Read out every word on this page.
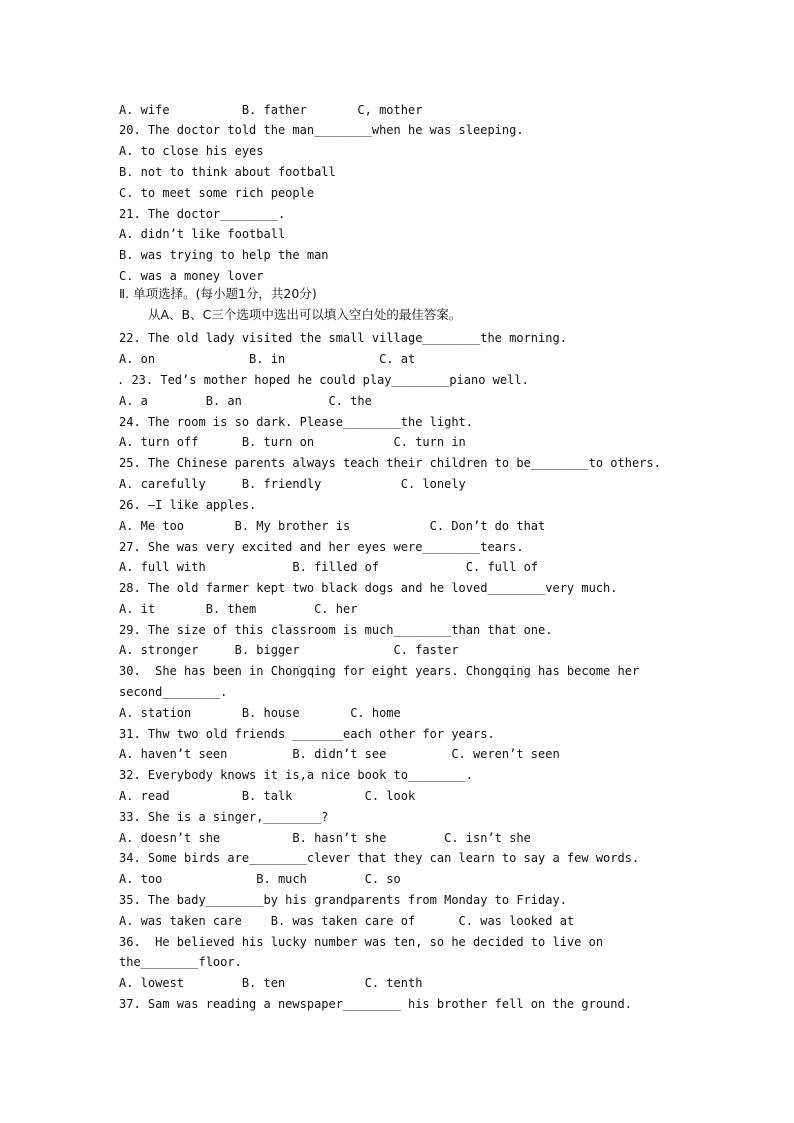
A. wife          B. father       C, mother
20. The doctor told the man________when he was sleeping.
A. to close his eyes
B. not to think about football
C. to meet some rich people
21. The doctor________.
A. didn’t like football
B. was trying to help the man
C. was a money lover
Ⅱ. 单项选择。(每小题1分，共20分)
从A、B、C三个选项中选出可以填入空白处的最佳答案。
22. The old lady visited the small village________the morning.
A. on             B. in             C. at
. 23. Ted’s mother hoped he could play________piano well.
A. a        B. an            C. the
24. The room is so dark. Please________the light.
A. turn off      B. turn on           C. turn in
25. The Chinese parents always teach their children to be________to others.
A. carefully     B. friendly           C. lonely
26. —I like apples.
A. Me too       B. My brother is           C. Don’t do that
27. She was very excited and her eyes were________tears.
A. full with            B. filled of            C. full of
28. The old farmer kept two black dogs and he loved________very much.
A. it       B. them        C. her
29. The size of this classroom is much________than that one.
A. stronger     B. bigger             C. faster
30.  She has been in Chongqing for eight years. Chongqing has become her
second________.
A. station       B. house       C. home
31. Thw two old friends _______each other for years.
A. haven’t seen         B. didn’t see         C. weren’t seen
32. Everybody knows it is,a nice book to________.
A. read          B. talk          C. look
33. She is a singer,________?
A. doesn’t she          B. hasn’t she        C. isn’t she
34. Some birds are________clever that they can learn to say a few words.
A. too             B. much        C. so
35. The bady________by his grandparents from Monday to Friday.
A. was taken care    B. was taken care of      C. was looked at
36.  He believed his lucky number was ten, so he decided to live on
the________floor.
A. lowest        B. ten           C. tenth
37. Sam was reading a newspaper________ his brother fell on the ground.
